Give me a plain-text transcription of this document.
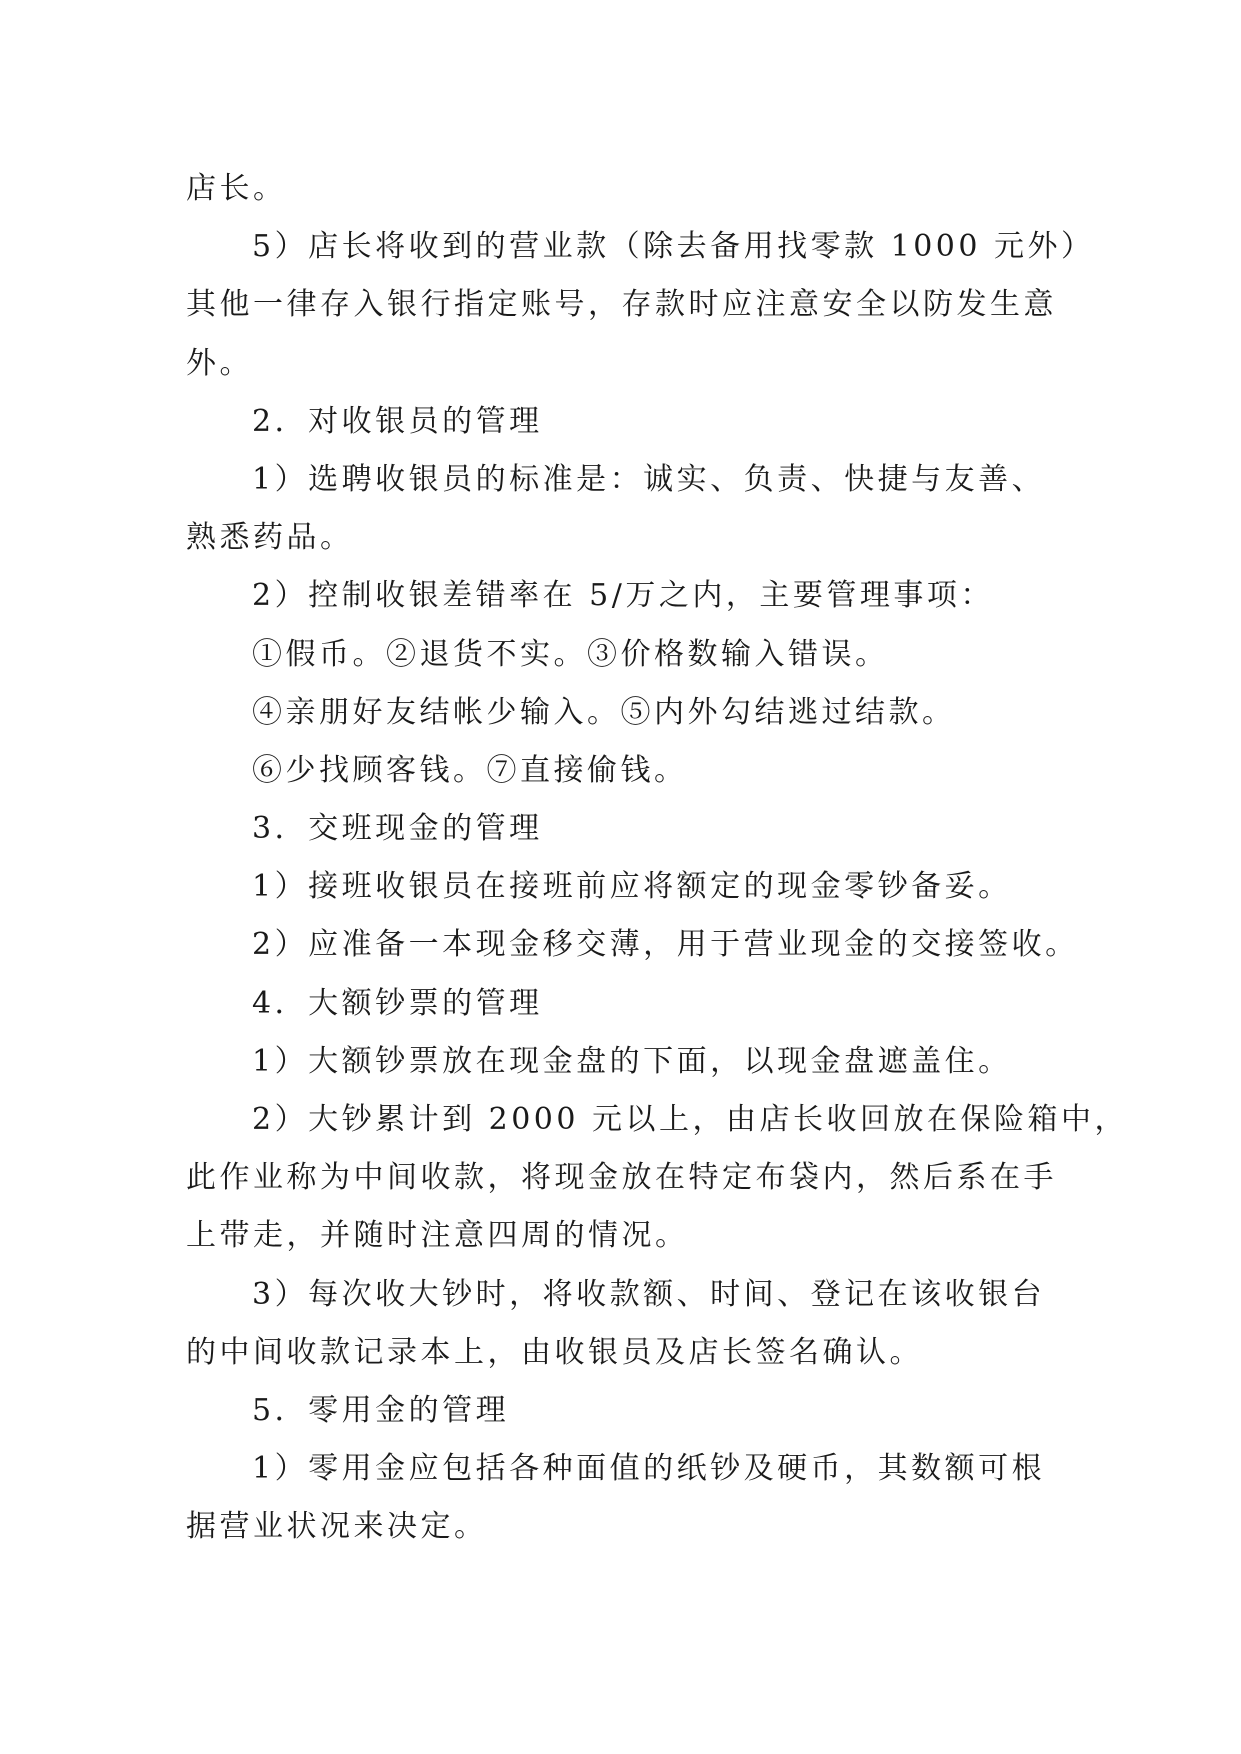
店长。
5）店长将收到的营业款（除去备用找零款 1000 元外）
其他一律存入银行指定账号，存款时应注意安全以防发生意
外。
2．对收银员的管理
1）选聘收银员的标准是：诚实、负责、快捷与友善、
熟悉药品。
2）控制收银差错率在 5/万之内，主要管理事项：
①假币。②退货不实。③价格数输入错误。
④亲朋好友结帐少输入。⑤内外勾结逃过结款。
⑥少找顾客钱。⑦直接偷钱。
3．交班现金的管理
1）接班收银员在接班前应将额定的现金零钞备妥。
2）应准备一本现金移交薄，用于营业现金的交接签收。
4．大额钞票的管理
1）大额钞票放在现金盘的下面，以现金盘遮盖住。
2）大钞累计到 2000 元以上，由店长收回放在保险箱中，
此作业称为中间收款，将现金放在特定布袋内，然后系在手
上带走，并随时注意四周的情况。
3）每次收大钞时，将收款额、时间、登记在该收银台
的中间收款记录本上，由收银员及店长签名确认。
5．零用金的管理
1）零用金应包括各种面值的纸钞及硬币，其数额可根
据营业状况来决定。
